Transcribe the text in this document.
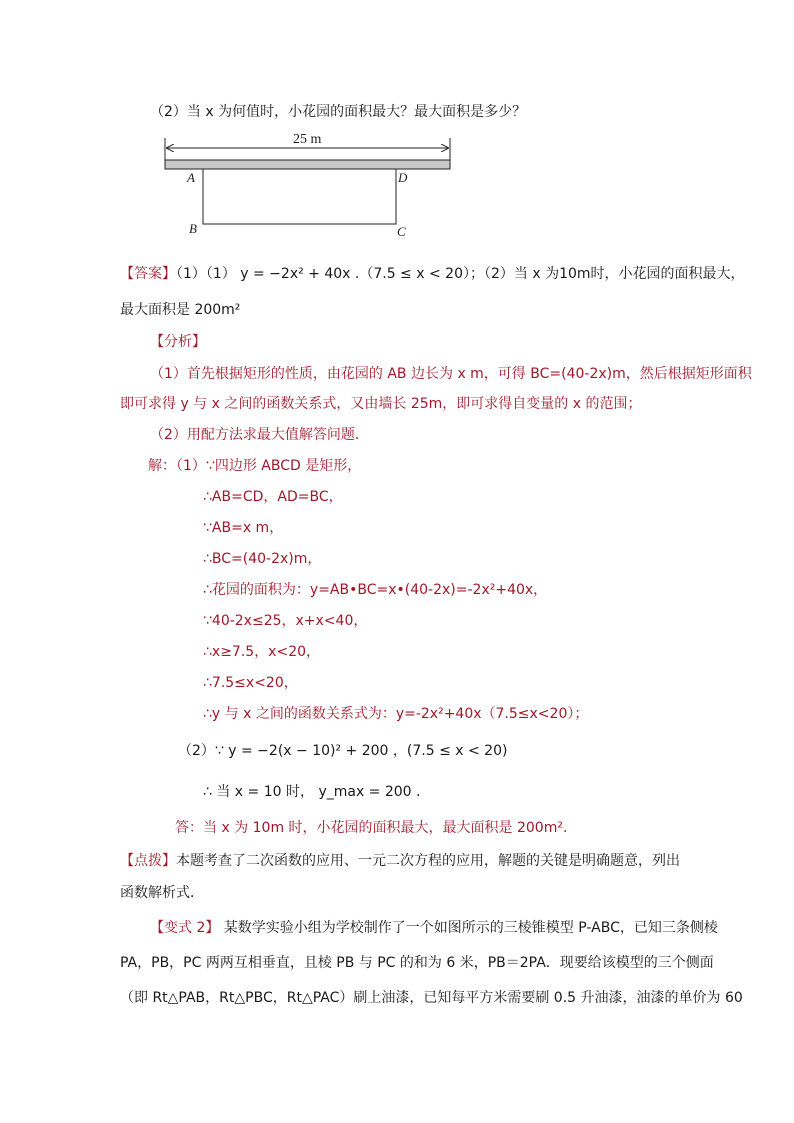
（2）当 x 为何值时，小花园的面积最大？最大面积是多少？
25 m
A	D
B	C
【答案】（1）（1） y = −2x² + 40x .（7.5 ≤ x < 20）；（2）当 x 为10m时，小花园的面积最大，
最大面积是 200m²
【分析】
（1）首先根据矩形的性质，由花园的 AB 边长为 x m，可得 BC=(40-2x)m，然后根据矩形面积
即可求得 y 与 x 之间的函数关系式，又由墙长 25m，即可求得自变量的 x 的范围；
（2）用配方法求最大值解答问题．
解：（1）∵四边形 ABCD 是矩形，
∴AB=CD，AD=BC，
∵AB=x m，
∴BC=(40-2x)m，
∴花园的面积为：y=AB•BC=x•(40-2x)=-2x²+40x，
∵40-2x≤25，x+x<40，
∴x≥7.5，x<20，
∴7.5≤x<20，
∴y 与 x 之间的函数关系式为：y=-2x²+40x（7.5≤x<20）；
（2）∵ y = −2(x − 10)² + 200 ，(7.5 ≤ x < 20)
∴ 当 x = 10 时， y_max = 200 .
答：当 x 为 10m 时，小花园的面积最大，最大面积是 200m².
【点拨】本题考查了二次函数的应用、一元二次方程的应用，解题的关键是明确题意，列出
函数解析式．
【变式 2】 某数学实验小组为学校制作了一个如图所示的三棱锥模型 P-ABC，已知三条侧棱
PA，PB，PC 两两互相垂直，且棱 PB 与 PC 的和为 6 米，PB＝2PA．现要给该模型的三个侧面
（即 Rt△PAB，Rt△PBC，Rt△PAC）刷上油漆，已知每平方米需要刷 0.5 升油漆，油漆的单价为 60
